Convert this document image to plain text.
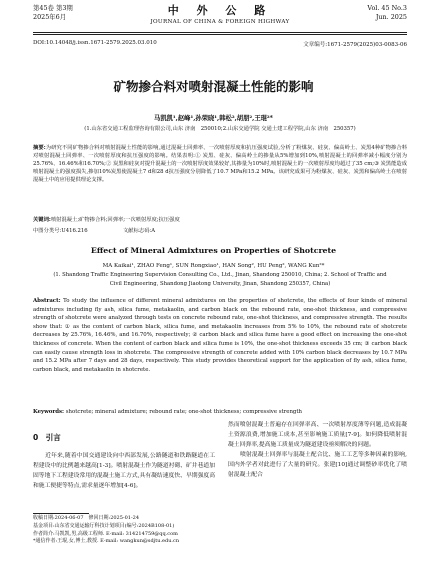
第45卷 第3期
2025年6月	中 外 公 路
JOURNAL OF CHINA & FOREIGN HIGHWAY
Vol. 45 No.3
Jun. 2025
DOI:10.14048/j.issn.1671-2579.2025.03.010	文章编号:1671-2579(2025)03-0083-06
矿物掺合料对喷射混凝土性能的影响
马凯凯¹,赵峰¹,孙荣晓¹,韩松²,胡朋²,王琨²*
(1.山东省交通工程监理咨询有限公司,山东 济南　250010;2.山东交通学院 交通土建工程学院,山东 济南　250357)
摘要:为研究不同矿物掺合料对喷射混凝土性能的影响,通过混凝土回弹率、一次喷射厚度和抗压强度试验,分析了粉煤灰、硅灰、偏高岭土、炭黑4种矿物掺合料对喷射混凝土回弹率、一次喷射厚度和抗压强度的影响。结果表明:① 炭黑、硅灰、偏高岭土的掺量从5%增加到10%,喷射混凝土的回弹率减小幅度分别为25.76%、16.46%和16.70%;② 炭黑和硅灰对提升混凝土的一次喷射厚度效果较好,其掺量为10%时,喷射混凝土的一次喷射厚度均超过了35 cm;③ 炭黑能造成喷射混凝土的强度损失,掺加10%炭黑使混凝土7 d和28 d抗压强度分别降低了10.7 MPa和15.2 MPa。该研究成果可为粉煤灰、硅灰、炭黑和偏高岭土在喷射混凝土中的应用提供理论支撑。
关键词:喷射混凝土;矿物掺合料;回弹率;一次喷射厚度;抗压强度
中图分类号:U416.216	文献标志码:A
Effect of Mineral Admixtures on Properties of Shotcrete
MA Kaikai¹, ZHAO Feng¹, SUN Rongxiao¹, HAN Song², HU Peng², WANG Kun²*
(1. Shandong Traffic Engineering Supervision Consulting Co., Ltd., Jinan, Shandong 250010, China; 2. School of Traffic and Civil Engineering, Shandong Jiaotong University, Jinan, Shandong 250357, China)
Abstract: To study the influence of different mineral admixtures on the properties of shotcrete, the effects of four kinds of mineral admixtures including fly ash, silica fume, metakaolin, and carbon black on the rebound rate, one-shot thickness, and compressive strength of shotcrete were analyzed through tests on concrete rebound rate, one-shot thickness, and compressive strength. The results show that: ① as the content of carbon black, silica fume, and metakaolin increases from 5% to 10%, the rebound rate of shotcrete decreases by 25.76%, 16.46%, and 16.70%, respectively; ② carbon black and silica fume have a good effect on increasing the one-shot thickness of concrete. When the content of carbon black and silica fume is 10%, the one-shot thickness exceeds 35 cm; ③ carbon black can easily cause strength loss in shotcrete. The compressive strength of concrete added with 10% carbon black decreases by 10.7 MPa and 15.2 MPa after 7 days and 28 days, respectively. This study provides theoretical support for the application of fly ash, silica fume, carbon black, and metakaolin in shotcrete.
Keywords: shotcrete; mineral admixture; rebound rate; one-shot thickness; compressive strength
0　引言
近年来,随着中国交通建设向中西部发展,公路隧道和铁路隧道在工程建设中的比例越来越高[1-3]。喷射混凝土作为隧道衬砌、矿井巷道加固等地下工程建设常用的混凝土施工方式,具有凝结速度快、早期强度高和施工便捷等特点,需求量逐年增加[4-6]。
然而喷射混凝土普遍存在回弹率高、一次喷射厚度薄等问题,造成混凝土资源浪费,增加施工成本,甚至影响施工质量[7-9]。如何降低喷射混凝土回弹率,提高施工质量成为隧道建设亟须解决的问题。
喷射混凝土回弹率与混凝土配合比、施工工艺等多种因素的影响,国内外学者对此进行了大量的研究。张建[10]通过调整砂率优化了喷射混凝土配合
收稿日期:2024-06-07　修回日期:2025-01-24
基金项目:山东省交通运输厅科技计划项目(编号:2024B108-01)
作者简介:马凯凯,男,高级工程师. E-mail: 314214759@qq.com
*通信作者:王琨,女,博士,教授. E-mail: wangkun@sdjtu.edu.cn
